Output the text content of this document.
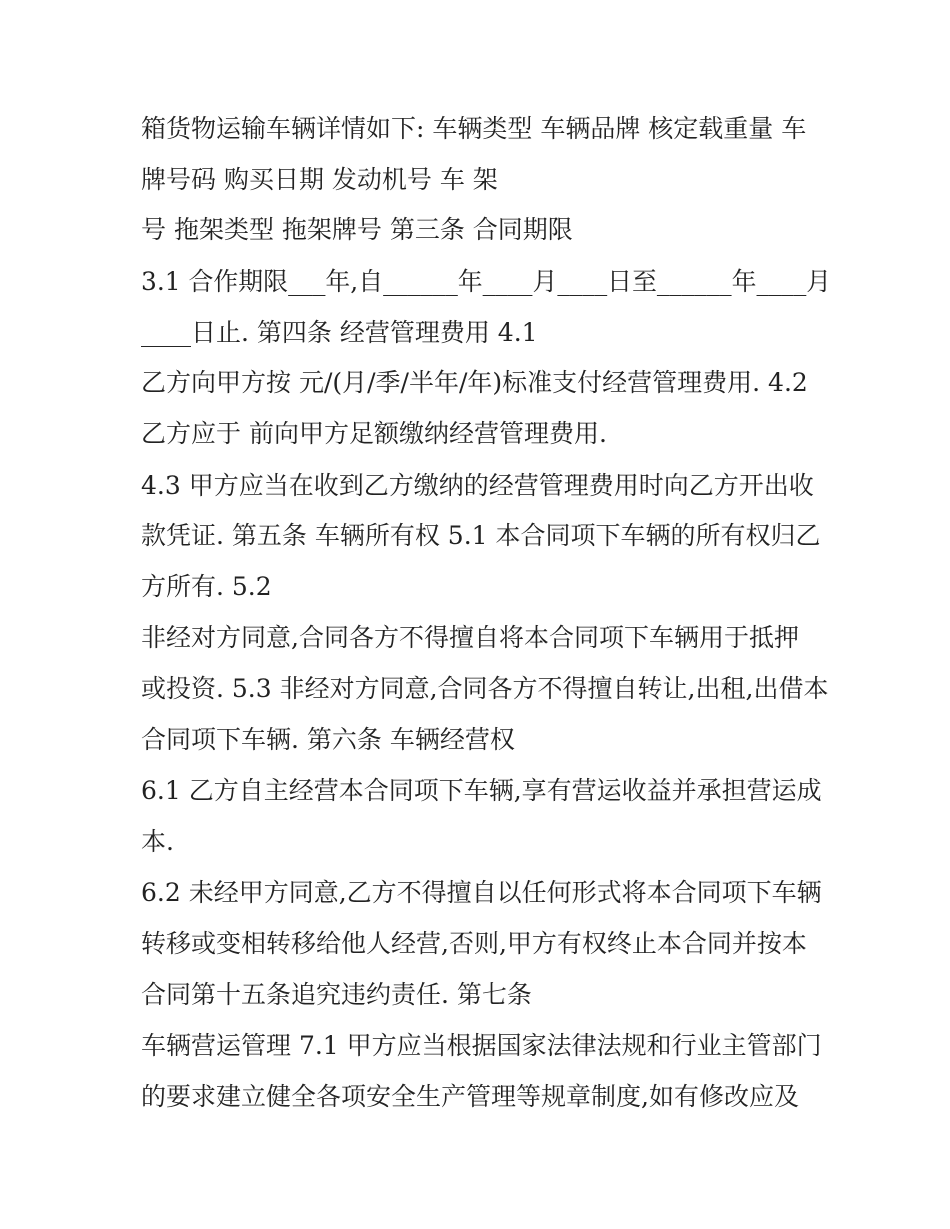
箱货物运输车辆详情如下: 车辆类型 车辆品牌 核定载重量 车
牌号码 购买日期 发动机号 车 架
号 拖架类型 拖架牌号 第三条 合同期限
3.1 合作期限___年,自______年____月____日至______年____月
____日止. 第四条 经营管理费用 4.1
乙方向甲方按 元/(月/季/半年/年)标准支付经营管理费用. 4.2
乙方应于 前向甲方足额缴纳经营管理费用.
4.3 甲方应当在收到乙方缴纳的经营管理费用时向乙方开出收
款凭证. 第五条 车辆所有权 5.1 本合同项下车辆的所有权归乙
方所有. 5.2
非经对方同意,合同各方不得擅自将本合同项下车辆用于抵押
或投资. 5.3 非经对方同意,合同各方不得擅自转让,出租,出借本
合同项下车辆. 第六条 车辆经营权
6.1 乙方自主经营本合同项下车辆,享有营运收益并承担营运成
本.
6.2 未经甲方同意,乙方不得擅自以任何形式将本合同项下车辆
转移或变相转移给他人经营,否则,甲方有权终止本合同并按本
合同第十五条追究违约责任. 第七条
车辆营运管理 7.1 甲方应当根据国家法律法规和行业主管部门
的要求建立健全各项安全生产管理等规章制度,如有修改应及
